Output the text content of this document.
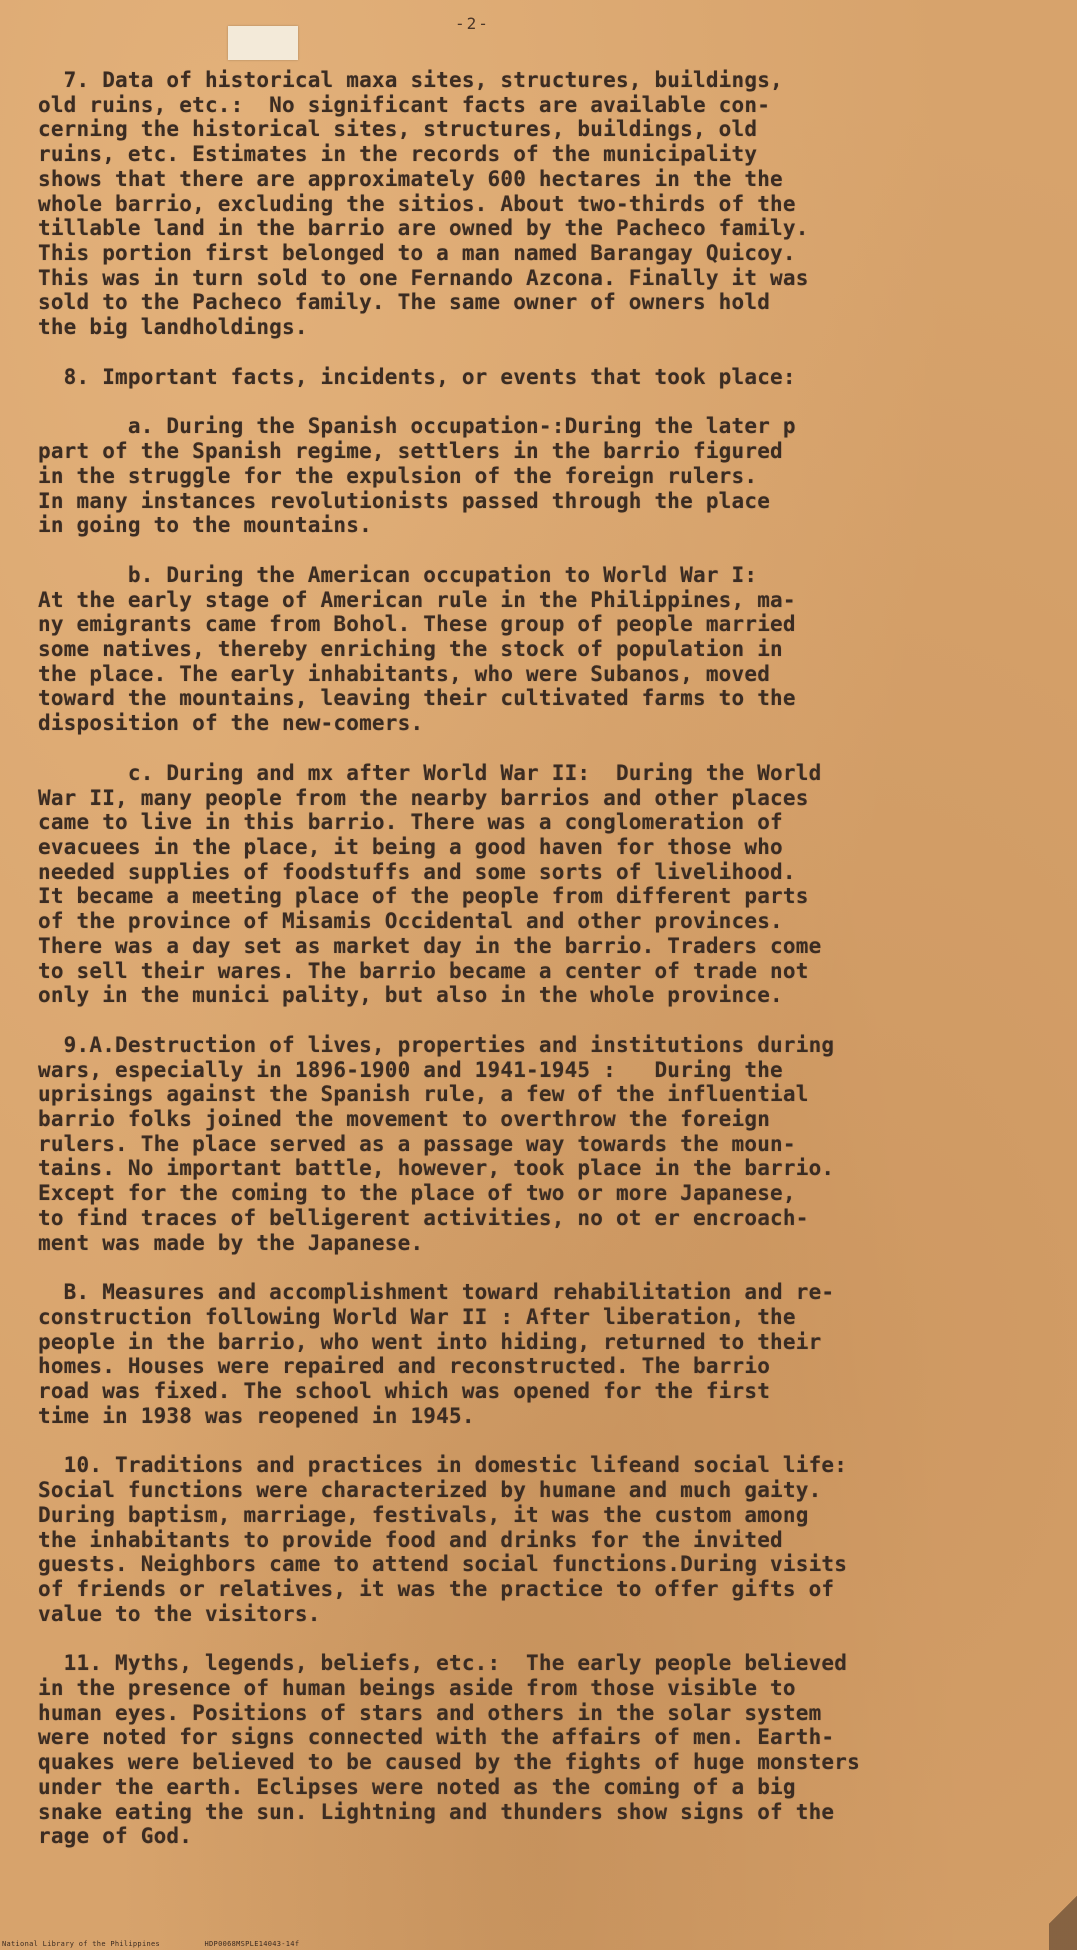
-2-

7. Data of historical maxa sites, structures, buildings,

old ruins, etc.:  No significant facts are available con-

cerning the historical sites, structures, buildings, old

ruins, etc. Estimates in the records of the municipality

shows that there are approximately 600 hectares in the the

whole barrio, excluding the sitios. About two-thirds of the

tillable land in the barrio are owned by the Pacheco family.

This portion first belonged to a man named Barangay Quicoy.

This was in turn sold to one Fernando Azcona. Finally it was

sold to the Pacheco family. The same owner of owners hold

the big landholdings.

8. Important facts, incidents, or events that took place:

a. During the Spanish occupation-:During the later p

part of the Spanish regime, settlers in the barrio figured

in the struggle for the expulsion of the foreign rulers.

In many instances revolutionists passed through the place

in going to the mountains.

b. During the American occupation to World War I:

At the early stage of American rule in the Philippines, ma-

ny emigrants came from Bohol. These group of people married

some natives, thereby enriching the stock of population in

the place. The early inhabitants, who were Subanos, moved

toward the mountains, leaving their cultivated farms to the

disposition of the new-comers.

c. During and mx after World War II:  During the World

War II, many people from the nearby barrios and other places

came to live in this barrio. There was a conglomeration of

evacuees in the place, it being a good haven for those who

needed supplies of foodstuffs and some sorts of livelihood.

It became a meeting place of the people from different parts

of the province of Misamis Occidental and other provinces.

There was a day set as market day in the barrio. Traders come

to sell their wares. The barrio became a center of trade not

only in the munici pality, but also in the whole province.

9.A.Destruction of lives, properties and institutions during

wars, especially in 1896-1900 and 1941-1945 :   During the

uprisings against the Spanish rule, a few of the influential

barrio folks joined the movement to overthrow the foreign

rulers. The place served as a passage way towards the moun-

tains. No important battle, however, took place in the barrio.

Except for the coming to the place of two or more Japanese,

to find traces of belligerent activities, no ot er encroach-

ment was made by the Japanese.

B. Measures and accomplishment toward rehabilitation and re-

construction following World War II : After liberation, the

people in the barrio, who went into hiding, returned to their

homes. Houses were repaired and reconstructed. The barrio

road was fixed. The school which was opened for the first

time in 1938 was reopened in 1945.

10. Traditions and practices in domestic lifeand social life:

Social functions were characterized by humane and much gaity.

During baptism, marriage, festivals, it was the custom among

the inhabitants to provide food and drinks for the invited

guests. Neighbors came to attend social functions.During visits

of friends or relatives, it was the practice to offer gifts of

value to the visitors.

11. Myths, legends, beliefs, etc.:  The early people believed

in the presence of human beings aside from those visible to

human eyes. Positions of stars and others in the solar system

were noted for signs connected with the affairs of men. Earth-

quakes were believed to be caused by the fights of huge monsters

under the earth. Eclipses were noted as the coming of a big

snake eating the sun. Lightning and thunders show signs of the

rage of God.

National Library of the Philippines	HDP0068MSPLE14043-14f
